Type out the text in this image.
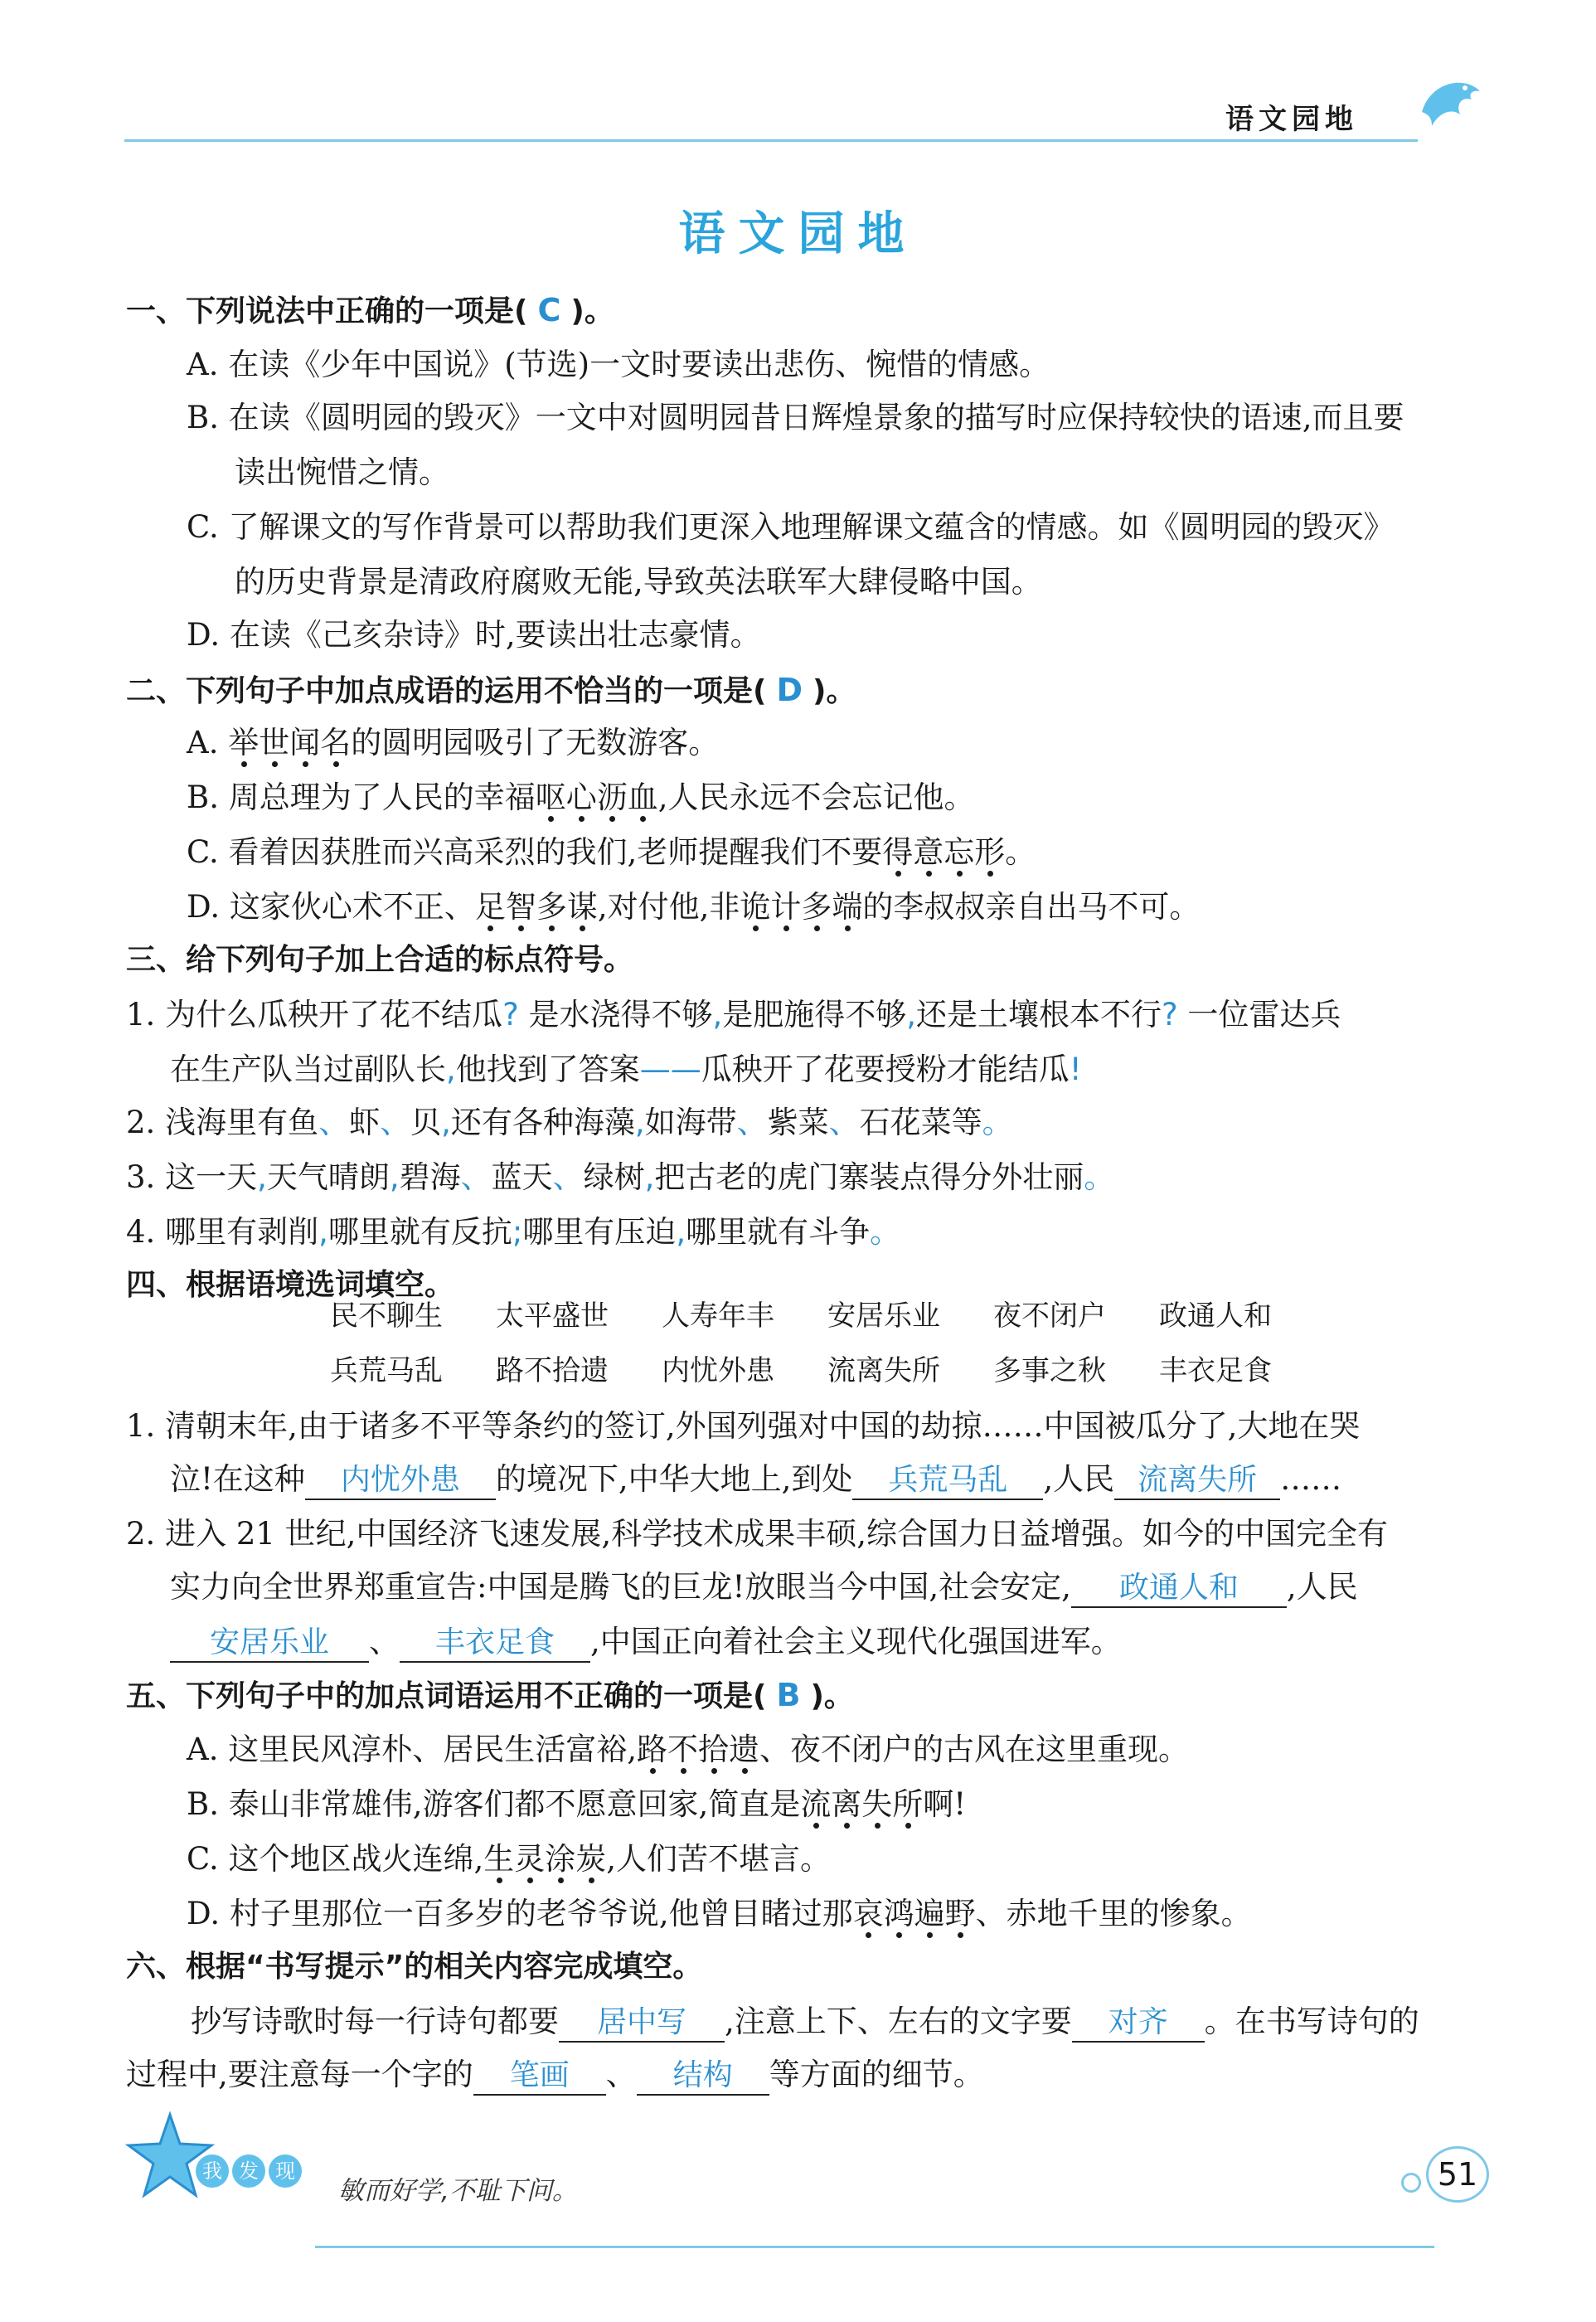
语文园地
语文园地
一、下列说法中正确的一项是( C )。
A. 在读《少年中国说》(节选)一文时要读出悲伤、惋惜的情感。
B. 在读《圆明园的毁灭》一文中对圆明园昔日辉煌景象的描写时应保持较快的语速,而且要
读出惋惜之情。
C. 了解课文的写作背景可以帮助我们更深入地理解课文蕴含的情感。如《圆明园的毁灭》
的历史背景是清政府腐败无能,导致英法联军大肆侵略中国。
D. 在读《己亥杂诗》时,要读出壮志豪情。
二、下列句子中加点成语的运用不恰当的一项是( D )。
A. 举世闻名的圆明园吸引了无数游客。
B. 周总理为了人民的幸福呕心沥血,人民永远不会忘记他。
C. 看着因获胜而兴高采烈的我们,老师提醒我们不要得意忘形。
D. 这家伙心术不正、足智多谋,对付他,非诡计多端的李叔叔亲自出马不可。
三、给下列句子加上合适的标点符号。
1. 为什么瓜秧开了花不结瓜? 是水浇得不够,是肥施得不够,还是土壤根本不行? 一位雷达兵
在生产队当过副队长,他找到了答案——瓜秧开了花要授粉才能结瓜!
2. 浅海里有鱼、虾、贝,还有各种海藻,如海带、紫菜、石花菜等。
3. 这一天,天气晴朗,碧海、蓝天、绿树,把古老的虎门寨装点得分外壮丽。
4. 哪里有剥削,哪里就有反抗;哪里有压迫,哪里就有斗争。
四、根据语境选词填空。
民不聊生 太平盛世 人寿年丰 安居乐业 夜不闭户 政通人和
兵荒马乱 路不拾遗 内忧外患 流离失所 多事之秋 丰衣足食
1. 清朝末年,由于诸多不平等条约的签订,外国列强对中国的劫掠……中国被瓜分了,大地在哭
泣!在这种 内忧外患 的境况下,中华大地上,到处 兵荒马乱 ,人民 流离失所 ……
2. 进入 21 世纪,中国经济飞速发展,科学技术成果丰硕,综合国力日益增强。如今的中国完全有
实力向全世界郑重宣告:中国是腾飞的巨龙!放眼当今中国,社会安定, 政通人和 ,人民
安居乐业 、 丰衣足食 ,中国正向着社会主义现代化强国进军。
五、下列句子中的加点词语运用不正确的一项是( B )。
A. 这里民风淳朴、居民生活富裕,路不拾遗、夜不闭户的古风在这里重现。
B. 泰山非常雄伟,游客们都不愿意回家,简直是流离失所啊!
C. 这个地区战火连绵,生灵涂炭,人们苦不堪言。
D. 村子里那位一百多岁的老爷爷说,他曾目睹过那哀鸿遍野、赤地千里的惨象。
六、根据“书写提示”的相关内容完成填空。
抄写诗歌时每一行诗句都要 居中写 ,注意上下、左右的文字要 对齐 。在书写诗句的
过程中,要注意每一个字的 笔画 、 结构 等方面的细节。
我 发 现
敏而好学,不耻下问。	51
